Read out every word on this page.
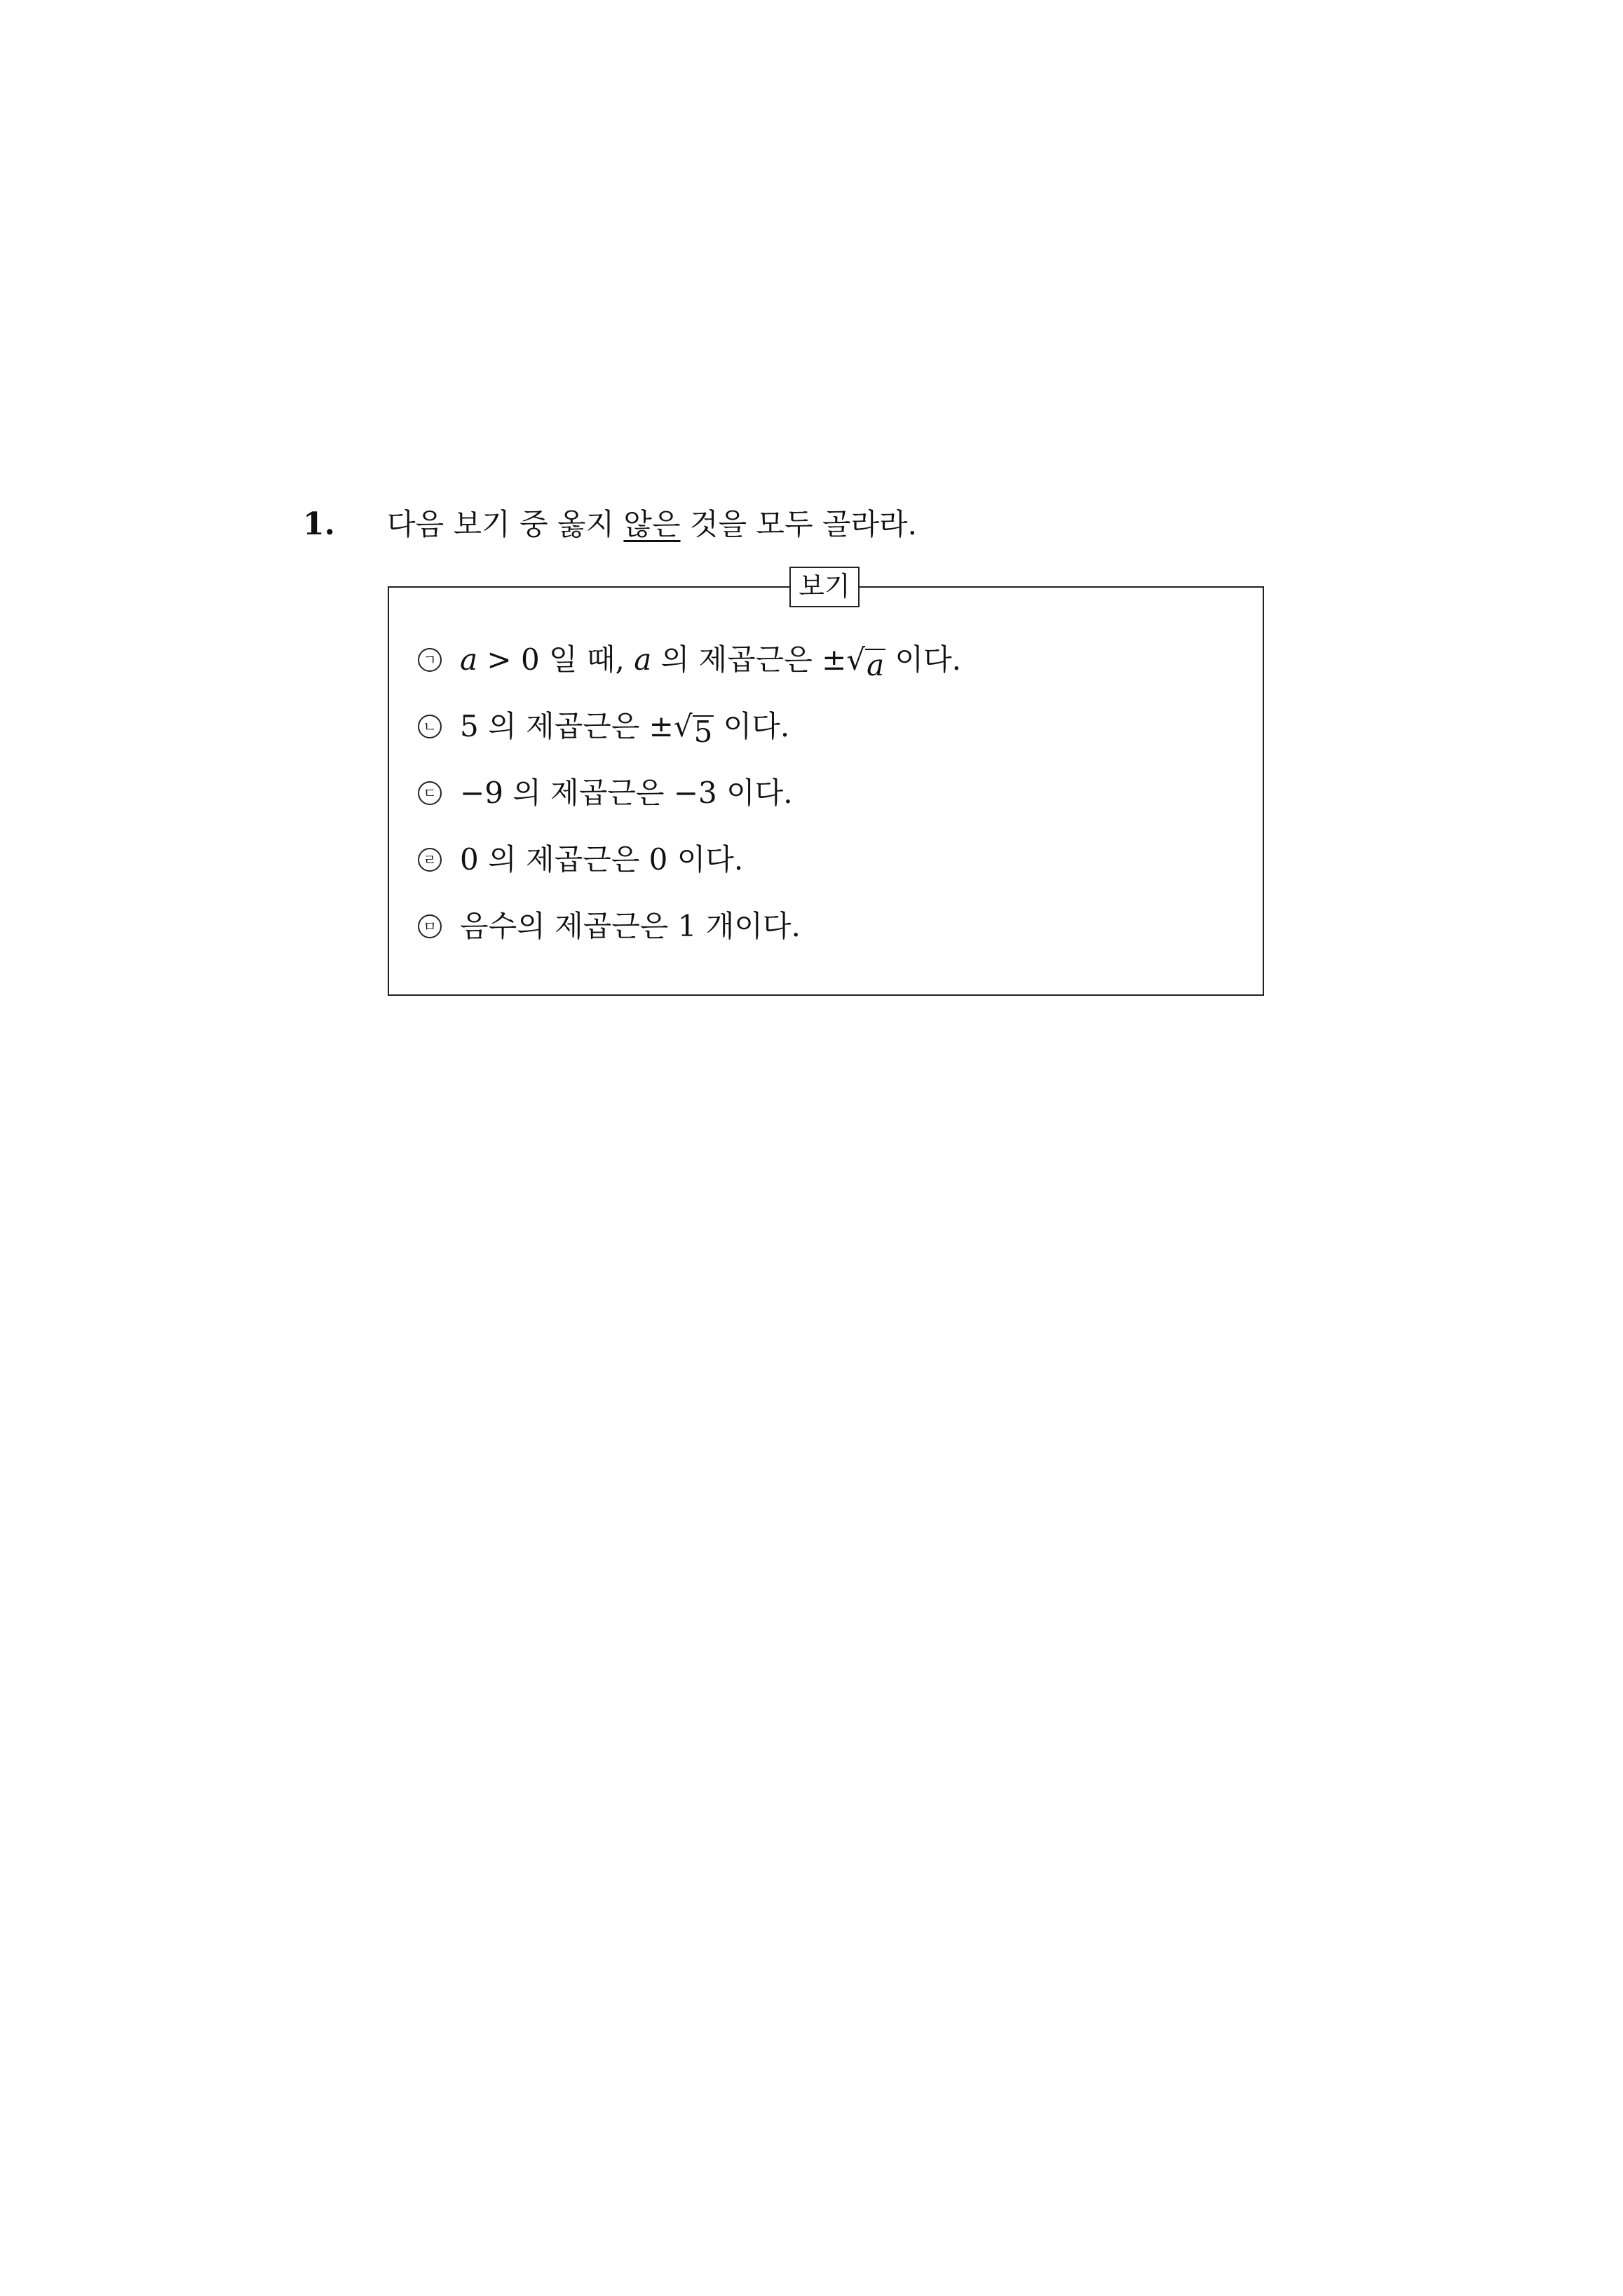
1. 다음 보기 중 옳지 않은 것을 모두 골라라.
보기
ㄱ a > 0 일 때, a 의 제곱근은 ± √ a 이다.
ㄴ 5 의 제곱근은 ± √ 5 이다.
ㄷ −9 의 제곱근은 −3 이다.
ㄹ 0 의 제곱근은 0 이다.
ㅁ 음수의 제곱근은 1 개이다.
